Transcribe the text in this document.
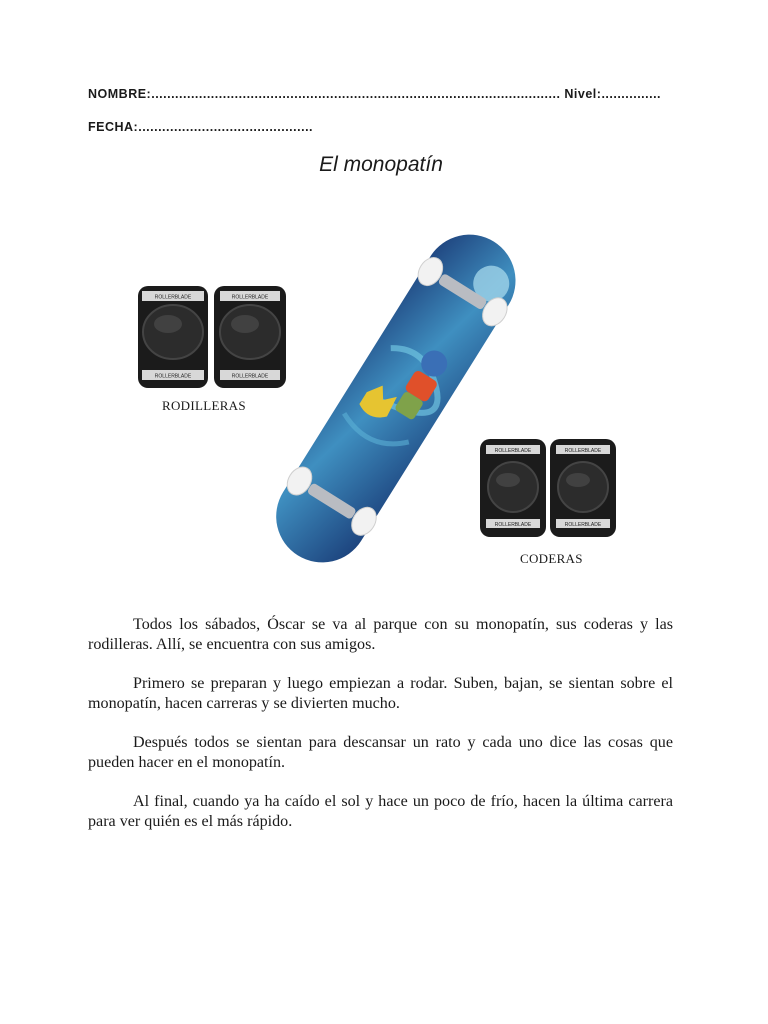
NOMBRE:....................................................................................................... Nivel:...............
FECHA:............................................
El monopatín
ROLLERBLADE
ROLLERBLADE
ROLLERBLADE
ROLLERBLADE
ROLLERBLADE
ROLLERBLADE
ROLLERBLADE
ROLLERBLADE
RODILLERAS
CODERAS

Todos los sábados, Óscar se va al parque con su monopatín, sus coderas y las rodilleras. Allí, se encuentra con sus amigos.

Primero se preparan y luego empiezan a rodar. Suben, bajan, se sientan sobre el monopatín, hacen carreras y se divierten mucho.

Después todos se sientan para descansar un rato y cada uno dice las cosas que pueden hacer en el monopatín.

Al final, cuando ya ha caído el sol y hace un poco de frío, hacen la última carrera para ver quién es el más rápido.
